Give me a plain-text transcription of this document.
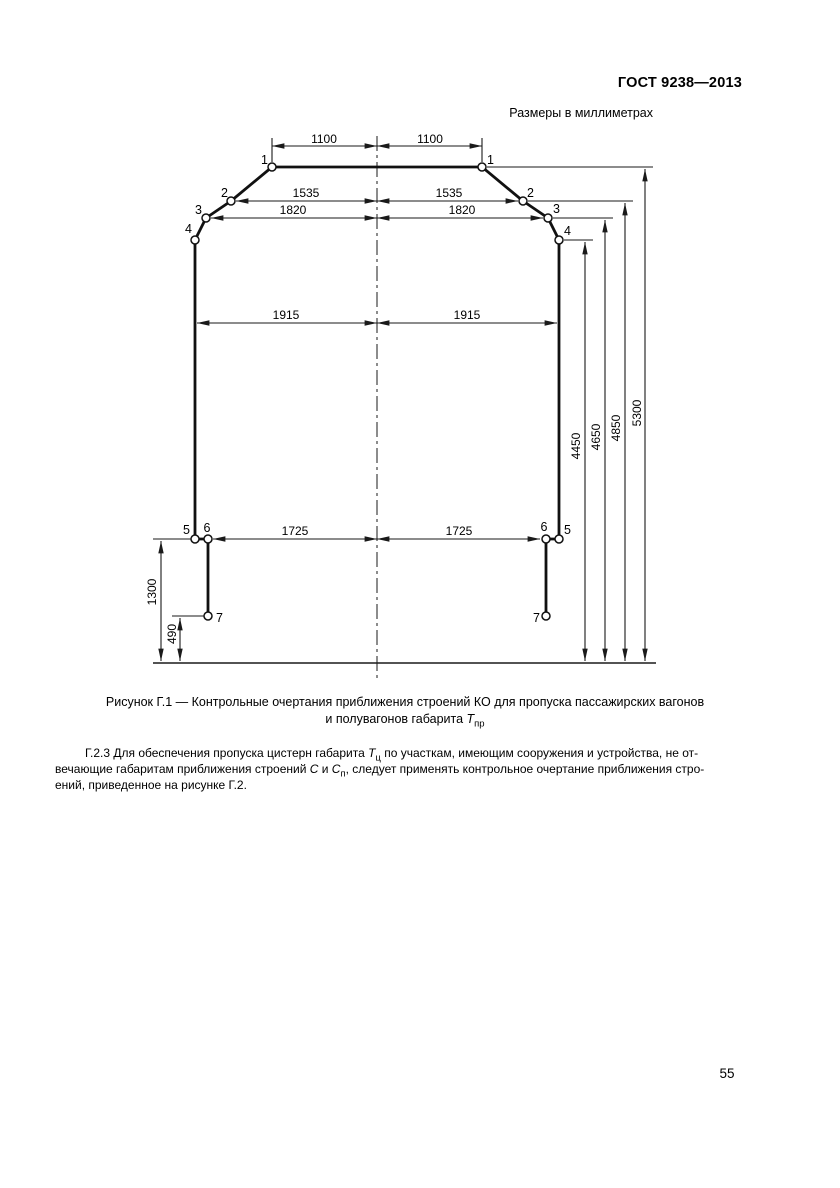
ГОСТ 9238—2013
Размеры в миллиметрах
1100	1100
1535	1535
1820	1820
1915	1915
1725	1725
1300
490
4450 4650 4850
5300
1
2
3
4
5 6
7
1
2
3
4
5
6
7
Рисунок Г.1 — Контрольные очертания приближения строений КО для пропуска пассажирских вагонов
и полувагонов габарита $Т_{пр}$
Г.2.3 Для обеспечения пропуска цистерн габарита $Т_ц$ по участкам, имеющим сооружения и устройства, не от-
вечающие габаритам приближения строений С и $С_п$, следует применять контрольное очертание приближения стро-
ений, приведенное на рисунке Г.2.
55
